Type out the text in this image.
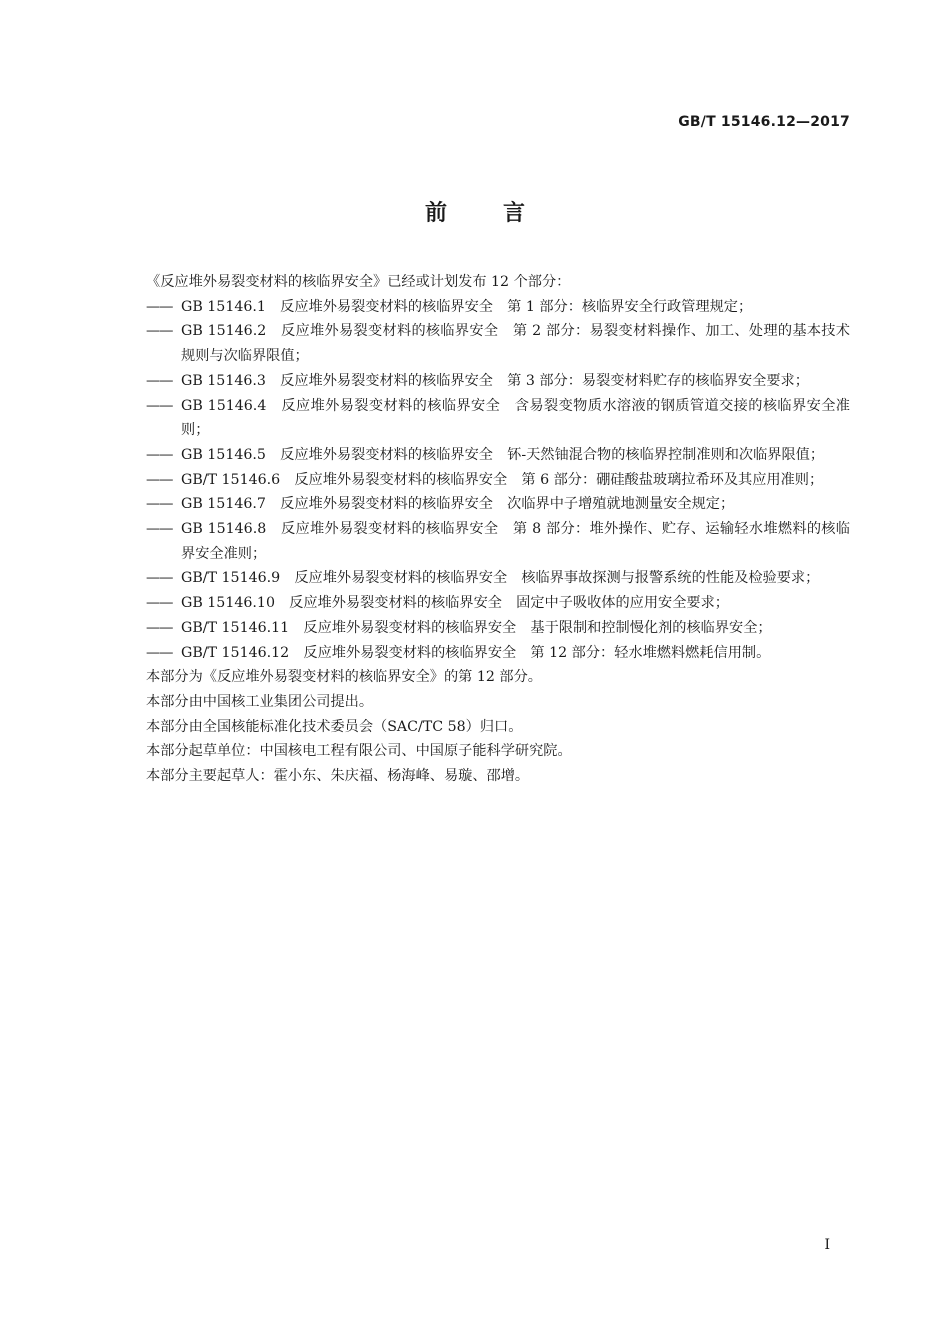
GB/T 15146.12—2017
前言
《反应堆外易裂变材料的核临界安全》已经或计划发布 12 个部分：
—— GB 15146.1　反应堆外易裂变材料的核临界安全　第 1 部分：核临界安全行政管理规定；
—— GB 15146.2　反应堆外易裂变材料的核临界安全　第 2 部分：易裂变材料操作、加工、处理的基本技术规则与次临界限值；
—— GB 15146.3　反应堆外易裂变材料的核临界安全　第 3 部分：易裂变材料贮存的核临界安全要求；
—— GB 15146.4　反应堆外易裂变材料的核临界安全　含易裂变物质水溶液的钢质管道交接的核临界安全准则；
—— GB 15146.5　反应堆外易裂变材料的核临界安全　钚-天然铀混合物的核临界控制准则和次临界限值；
—— GB/T 15146.6　反应堆外易裂变材料的核临界安全　第 6 部分：硼硅酸盐玻璃拉希环及其应用准则；
—— GB 15146.7　反应堆外易裂变材料的核临界安全　次临界中子增殖就地测量安全规定；
—— GB 15146.8　反应堆外易裂变材料的核临界安全　第 8 部分：堆外操作、贮存、运输轻水堆燃料的核临界安全准则；
—— GB/T 15146.9　反应堆外易裂变材料的核临界安全　核临界事故探测与报警系统的性能及检验要求；
—— GB 15146.10　反应堆外易裂变材料的核临界安全　固定中子吸收体的应用安全要求；
—— GB/T 15146.11　反应堆外易裂变材料的核临界安全　基于限制和控制慢化剂的核临界安全；
—— GB/T 15146.12　反应堆外易裂变材料的核临界安全　第 12 部分：轻水堆燃料燃耗信用制。
本部分为《反应堆外易裂变材料的核临界安全》的第 12 部分。
本部分由中国核工业集团公司提出。
本部分由全国核能标准化技术委员会（SAC/TC 58）归口。
本部分起草单位：中国核电工程有限公司、中国原子能科学研究院。
本部分主要起草人：霍小东、朱庆福、杨海峰、易璇、邵增。
Ⅰ
